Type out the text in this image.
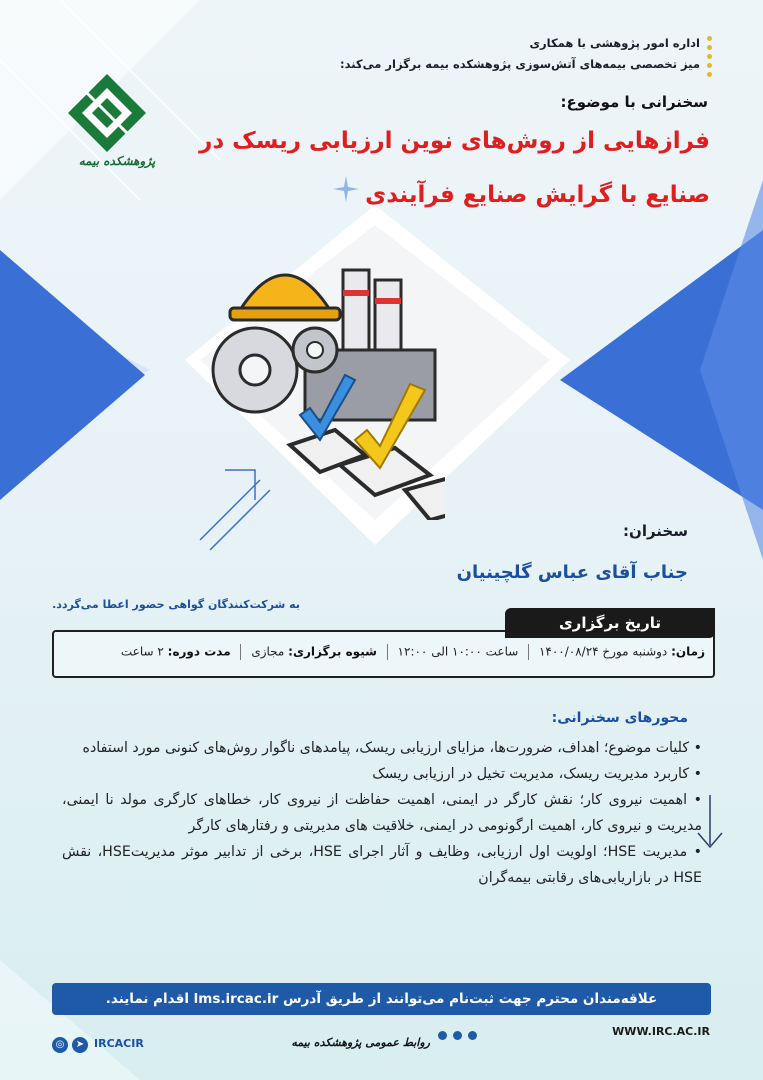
پژوهشکده بیمه
اداره امور پژوهشی با همکاری
میز تخصصی بیمه‌های آتش‌سوزی پژوهشکده بیمه برگزار می‌کند:
سخنرانی با موضوع:
فرازهایی از روش‌های نوین ارزیابی ریسک در
صنایع با گرایش صنایع فرآیندی
سخنران:
جناب آقای عباس گلچینیان
به شرکت‌کنندگان گواهی حضور اعطا می‌گردد.
زمان: دوشنبه مورخ ۱۴۰۰/۰۸/۲۴  ساعت ۱۰:۰۰ الی ۱۲:۰۰  شیوه برگزاری: مجازی  مدت دوره: ۲ ساعت
تاریخ برگزاری
محورهای سخنرانی:

• کلیات موضوع؛ اهداف، ضرورت‌ها، مزایای ارزیابی ریسک، پیامدهای ناگوار روش‌های کنونی مورد استفاده

• کاربرد مدیریت ریسک، مدیریت تخیل در ارزیابی ریسک

• اهمیت نیروی کار؛ نقش کارگر در ایمنی، اهمیت حفاظت از نیروی کار، خطاهای کارگری مولد نا ایمنی، مدیریت و نیروی کار، اهمیت ارگونومی در ایمنی، خلاقیت های مدیریتی و رفتارهای کارگر

• مدیریت HSE؛ اولویت اول ارزیابی، وظایف و آثار اجرای HSE، برخی از تدابیر موثر مدیریتHSE، نقش HSE در بازاریابی‌های رقابتی بیمه‌گران

علاقه‌مندان محترم جهت ثبت‌نام می‌توانند از طریق آدرس lms.ircac.ir اقدام نمایند.
WWW.IRC.AC.IR
روابط عمومی پژوهشکده بیمه
IRCACIR
◎	➤
